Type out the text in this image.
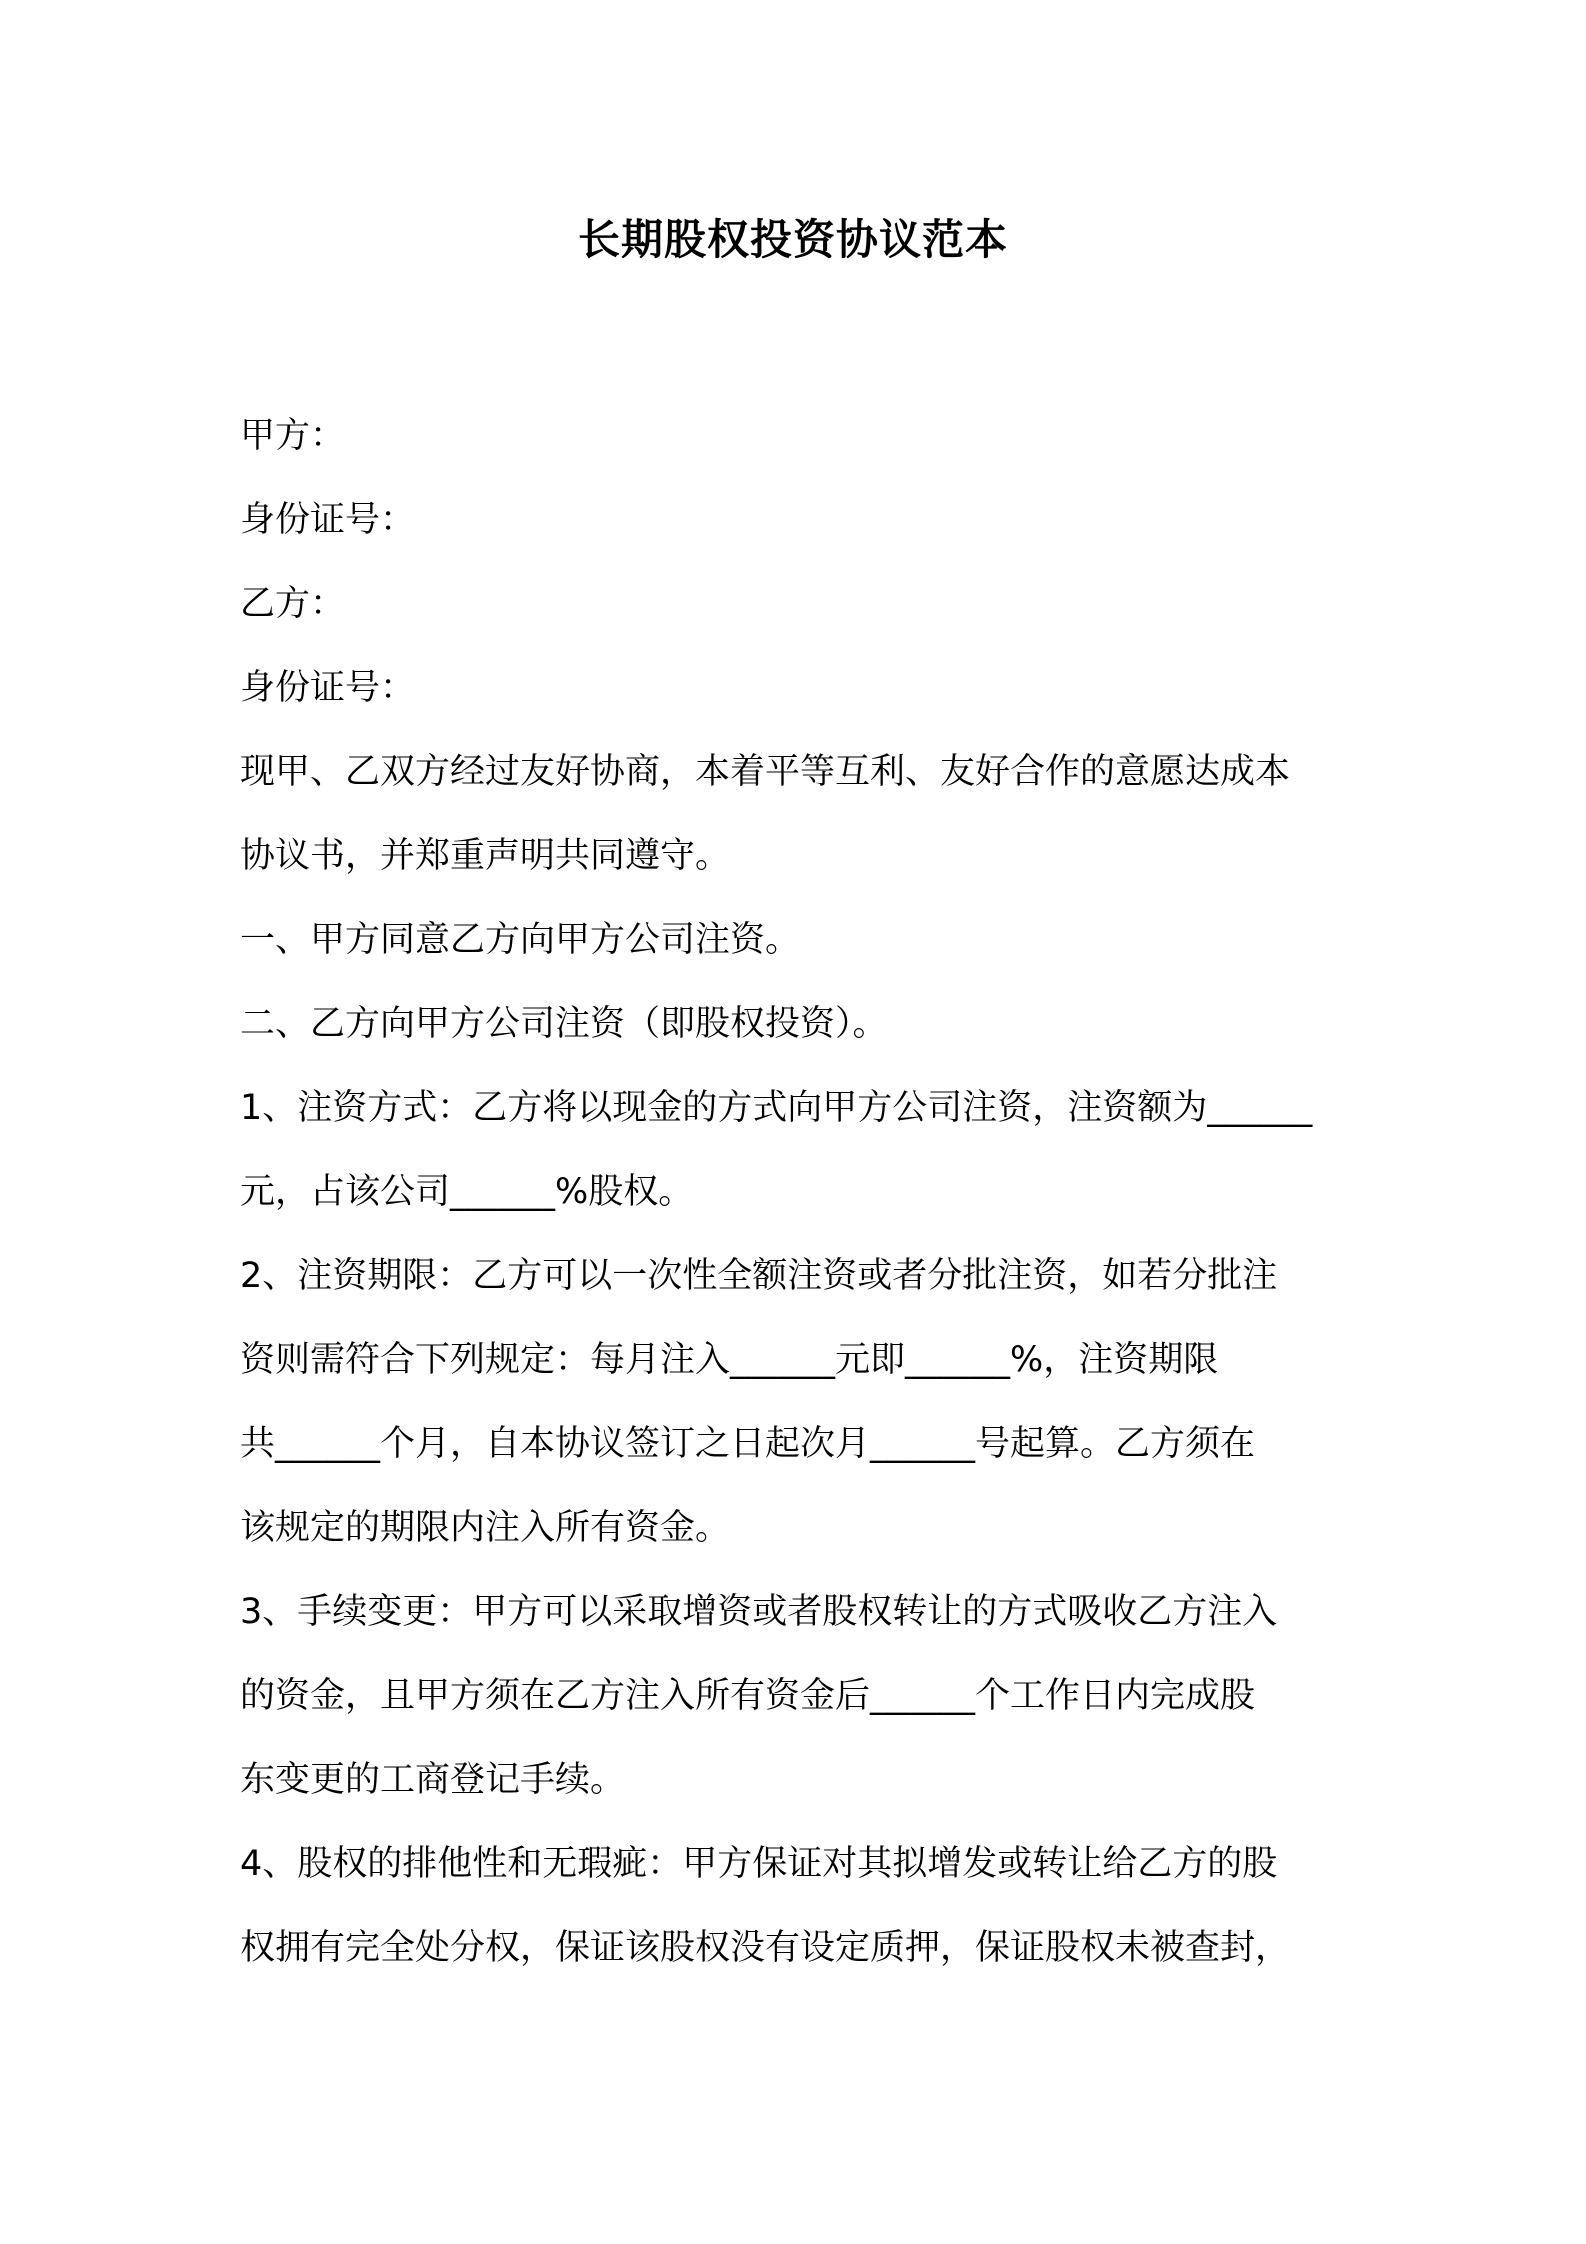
长期股权投资协议范本
甲方：
身份证号：
乙方：
身份证号：
现甲、乙双方经过友好协商，本着平等互利、友好合作的意愿达成本
协议书，并郑重声明共同遵守。
一、甲方同意乙方向甲方公司注资。
二、乙方向甲方公司注资（即股权投资）。
1、注资方式：乙方将以现金的方式向甲方公司注资，注资额为______
元，占该公司______%股权。
2、注资期限：乙方可以一次性全额注资或者分批注资，如若分批注
资则需符合下列规定：每月注入______元即______%，注资期限
共______个月，自本协议签订之日起次月______号起算。乙方须在
该规定的期限内注入所有资金。
3、手续变更：甲方可以采取增资或者股权转让的方式吸收乙方注入
的资金，且甲方须在乙方注入所有资金后______个工作日内完成股
东变更的工商登记手续。
4、股权的排他性和无瑕疵：甲方保证对其拟增发或转让给乙方的股
权拥有完全处分权，保证该股权没有设定质押，保证股权未被查封，
